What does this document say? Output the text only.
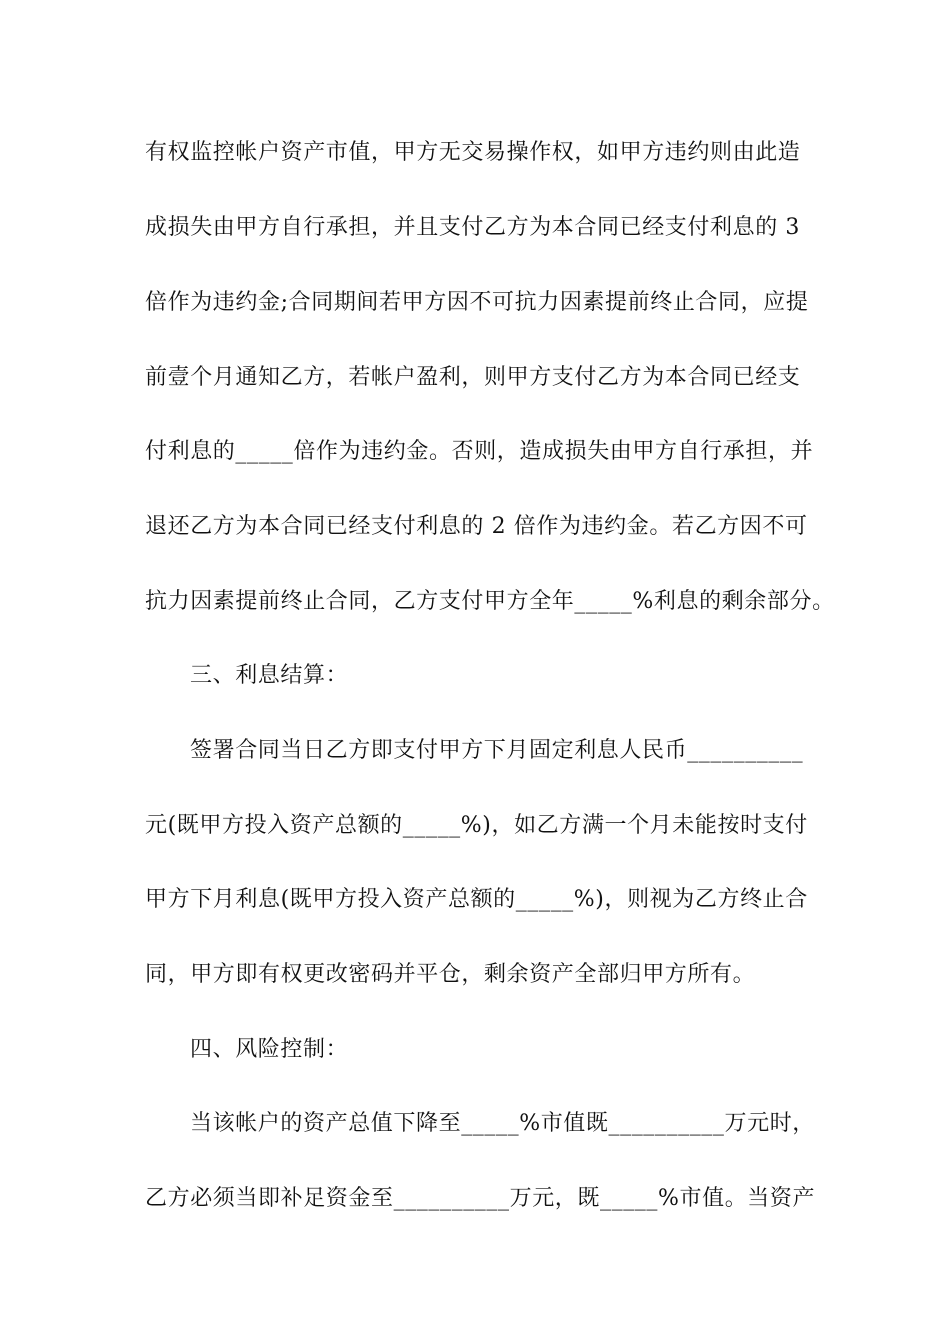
有权监控帐户资产市值，甲方无交易操作权，如甲方违约则由此造
成损失由甲方自行承担，并且支付乙方为本合同已经支付利息的 3
倍作为违约金;合同期间若甲方因不可抗力因素提前终止合同，应提
前壹个月通知乙方，若帐户盈利，则甲方支付乙方为本合同已经支
付利息的_____倍作为违约金。否则，造成损失由甲方自行承担，并
退还乙方为本合同已经支付利息的 2 倍作为违约金。若乙方因不可
抗力因素提前终止合同，乙方支付甲方全年_____%利息的剩余部分。
三、利息结算：
签署合同当日乙方即支付甲方下月固定利息人民币__________
元(既甲方投入资产总额的_____%)，如乙方满一个月未能按时支付
甲方下月利息(既甲方投入资产总额的_____%)，则视为乙方终止合
同，甲方即有权更改密码并平仓，剩余资产全部归甲方所有。
四、风险控制：
当该帐户的资产总值下降至_____%市值既__________万元时，
乙方必须当即补足资金至__________万元，既_____%市值。当资产
